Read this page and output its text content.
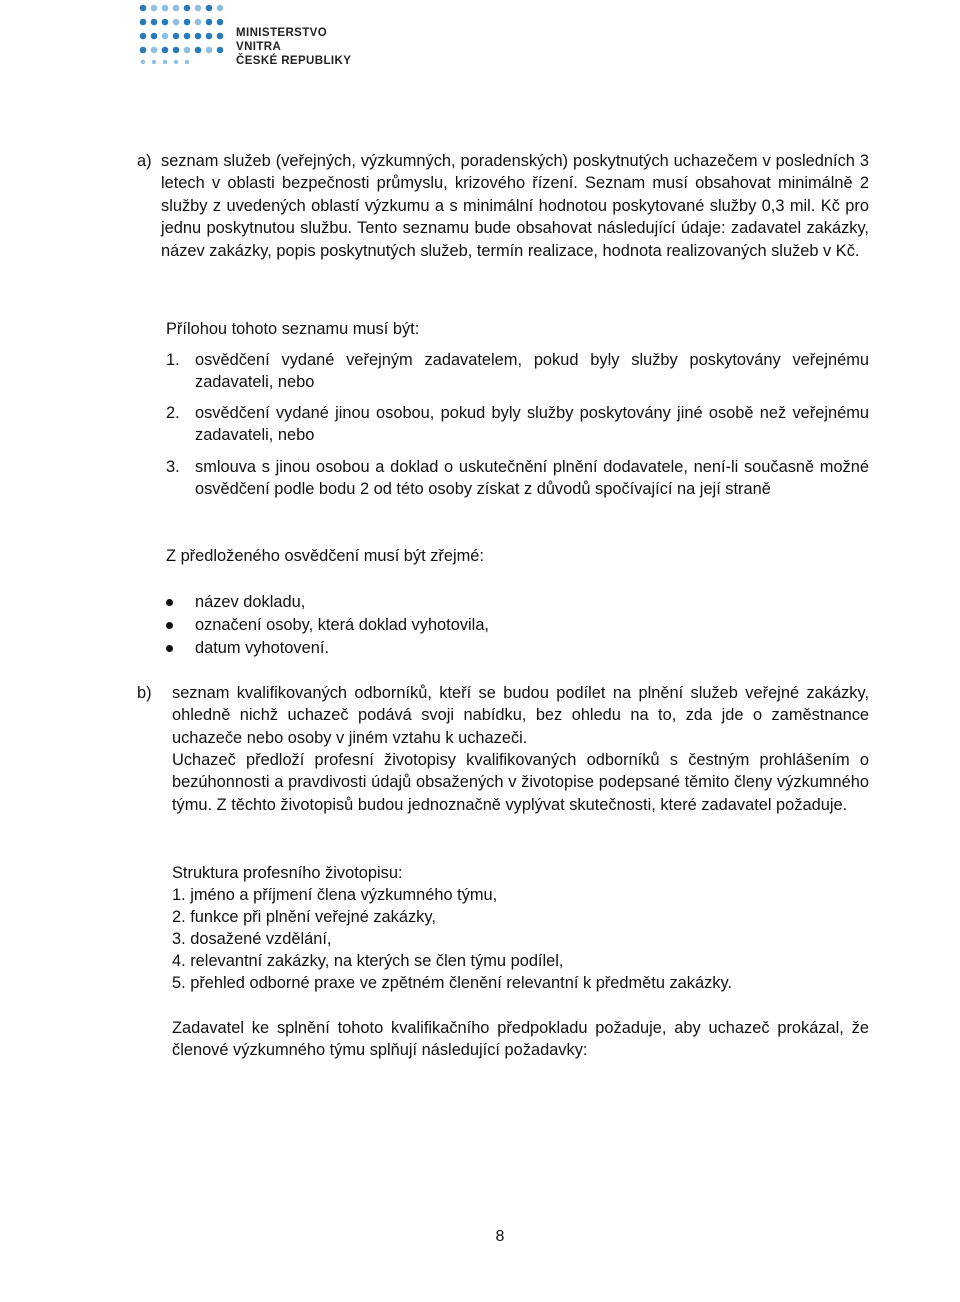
MINISTERSTVO VNITRA
ČESKÉ REPUBLIKY
a) seznam služeb (veřejných, výzkumných, poradenských) poskytnutých uchazečem v posledních 3 letech v oblasti bezpečnosti průmyslu, krizového řízení. Seznam musí obsahovat minimálně 2 služby z uvedených oblastí výzkumu a s minimální hodnotou poskytované služby 0,3 mil. Kč pro jednu poskytnutou službu. Tento seznamu bude obsahovat následující údaje: zadavatel zakázky, název zakázky, popis poskytnutých služeb, termín realizace, hodnota realizovaných služeb v Kč.

Přílohou tohoto seznamu musí být:

1. osvědčení vydané veřejným zadavatelem, pokud byly služby poskytovány veřejnému zadavateli, nebo

2. osvědčení vydané jinou osobou, pokud byly služby poskytovány jiné osobě než veřejnému zadavateli, nebo

3. smlouva s jinou osobou a doklad o uskutečnění plnění dodavatele, není-li současně možné osvědčení podle bodu 2 od této osoby získat z důvodů spočívající na její straně

Z předloženého osvědčení musí být zřejmé:

název dokladu,
označení osoby, která doklad vyhotovila,
datum vyhotovení.
b) seznam kvalifikovaných odborníků, kteří se budou podílet na plnění služeb veřejné zakázky, ohledně nichž uchazeč podává svoji nabídku, bez ohledu na to, zda jde o zaměstnance uchazeče nebo osoby v jiném vztahu k uchazeči.

Uchazeč předloží profesní životopisy kvalifikovaných odborníků s čestným prohlášením o bezúhonnosti a pravdivosti údajů obsažených v životopise podepsané těmito členy výzkumného týmu. Z těchto životopisů budou jednoznačně vyplývat skutečnosti, které zadavatel požaduje.

Struktura profesního životopisu:

1. jméno a příjmení člena výzkumného týmu,
2. funkce při plnění veřejné zakázky,
3. dosažené vzdělání,
4. relevantní zakázky, na kterých se člen týmu podílel,
5. přehled odborné praxe ve zpětném členění relevantní k předmětu zakázky.

Zadavatel ke splnění tohoto kvalifikačního předpokladu požaduje, aby uchazeč prokázal, že členové výzkumného týmu splňují následující požadavky:

8
